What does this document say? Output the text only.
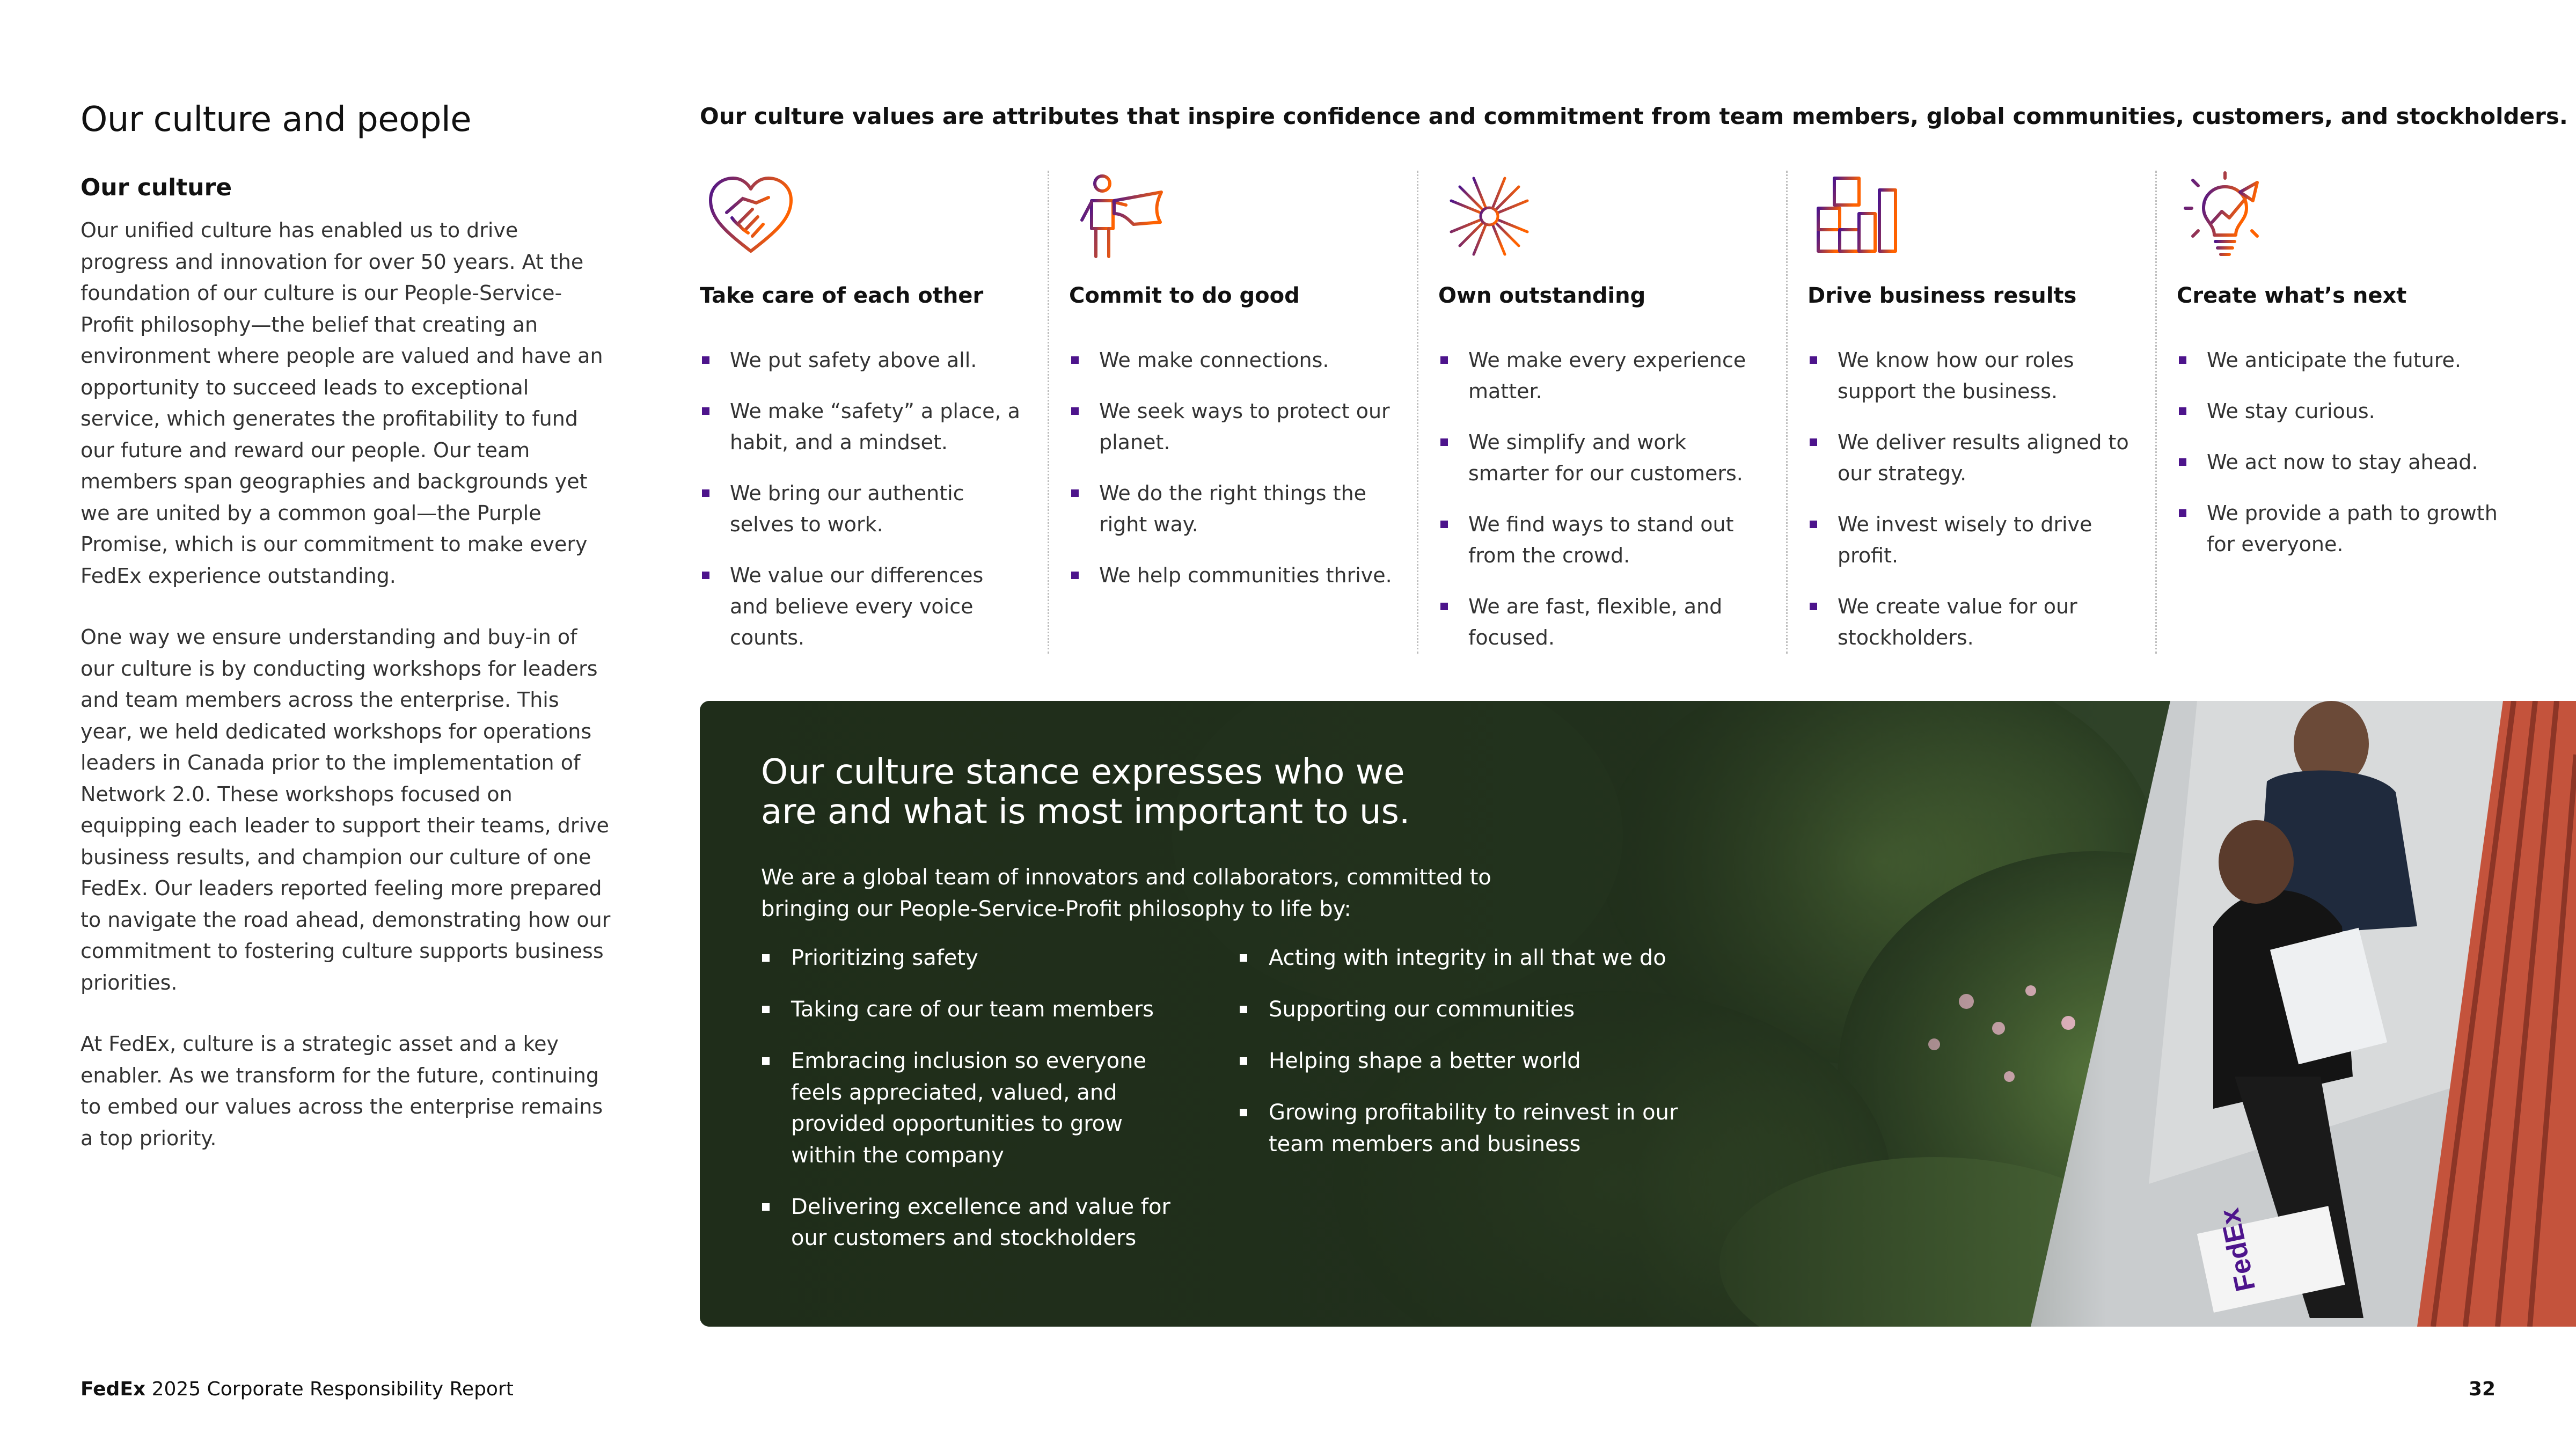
Our culture and people
Our culture

Our unified culture has enabled us to drive progress and innovation for over 50 years. At the foundation of our culture is our People-Service-Profit philosophy—the belief that creating an environment where people are valued and have an opportunity to succeed leads to exceptional service, which generates the profitability to fund our future and reward our people. Our team members span geographies and backgrounds yet we are united by a common goal—the Purple Promise, which is our commitment to make every FedEx experience outstanding.

One way we ensure understanding and buy-in of our culture is by conducting workshops for leaders and team members across the enterprise. This year, we held dedicated workshops for operations leaders in Canada prior to the implementation of Network 2.0. These workshops focused on equipping each leader to support their teams, drive business results, and champion our culture of one FedEx. Our leaders reported feeling more prepared to navigate the road ahead, demonstrating how our commitment to fostering culture supports business priorities.

At FedEx, culture is a strategic asset and a key enabler. As we transform for the future, continuing to embed our values across the enterprise remains a top priority.

Our culture values are attributes that inspire confidence and commitment from team members, global communities, customers, and stockholders.
Take care of each other
We put safety above all.
We make “safety” a place, a habit, and a mindset.
We bring our authentic selves to work.
We value our differences and believe every voice counts.
Commit to do good
We make connections.
We seek ways to protect our planet.
We do the right things the right way.
We help communities thrive.
Own outstanding
We make every experience matter.
We simplify and work smarter for our customers.
We find ways to stand out from the crowd.
We are fast, flexible, and focused.
Drive business results
We know how our roles support the business.
We deliver results aligned to our strategy.
We invest wisely to drive profit.
We create value for our stockholders.
Create what’s next
We anticipate the future.
We stay curious.
We act now to stay ahead.
We provide a path to growth for everyone.
Our culture stance expresses who we are and what is most important to us.

We are a global team of innovators and collaborators, committed to bringing our People-Service-Profit philosophy to life by:

Prioritizing safety
Taking care of our team members
Embracing inclusion so everyone feels appreciated, valued, and provided opportunities to grow within the company
Delivering excellence and value for our customers and stockholders
Acting with integrity in all that we do
Supporting our communities
Helping shape a better world
Growing profitability to reinvest in our team members and business
FedEx 2025 Corporate Responsibility Report	32
